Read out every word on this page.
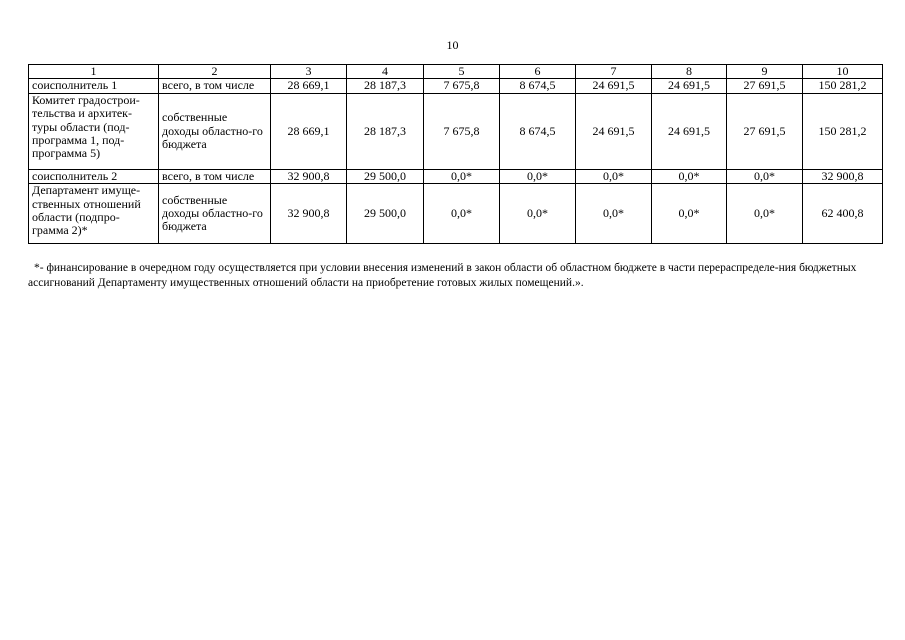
10
1	2	3	4	5	6	7	8	9	10
соисполнитель 1	всего, в том числе	28 669,1	28 187,3	7 675,8	8 674,5	24 691,5	24 691,5	27 691,5	150 281,2
Комитет градострои-тельства и архитек-туры области (под-программа 1, под-программа 5)	собственные доходы областно-го бюджета	28 669,1	28 187,3	7 675,8	8 674,5	24 691,5	24 691,5	27 691,5	150 281,2
соисполнитель 2	всего, в том числе	32 900,8	29 500,0	0,0*	0,0*	0,0*	0,0*	0,0*	32 900,8
Департамент имуще-ственных отношений области (подпро-грамма 2)*	собственные доходы областно-го бюджета	32 900,8	29 500,0	0,0*	0,0*	0,0*	0,0*	0,0*	62 400,8
*- финансирование в очередном году осуществляется при условии внесения изменений в закон области об областном бюджете в части перераспределе-ния бюджетных ассигнований Департаменту имущественных отношений области на приобретение готовых жилых помещений.».
